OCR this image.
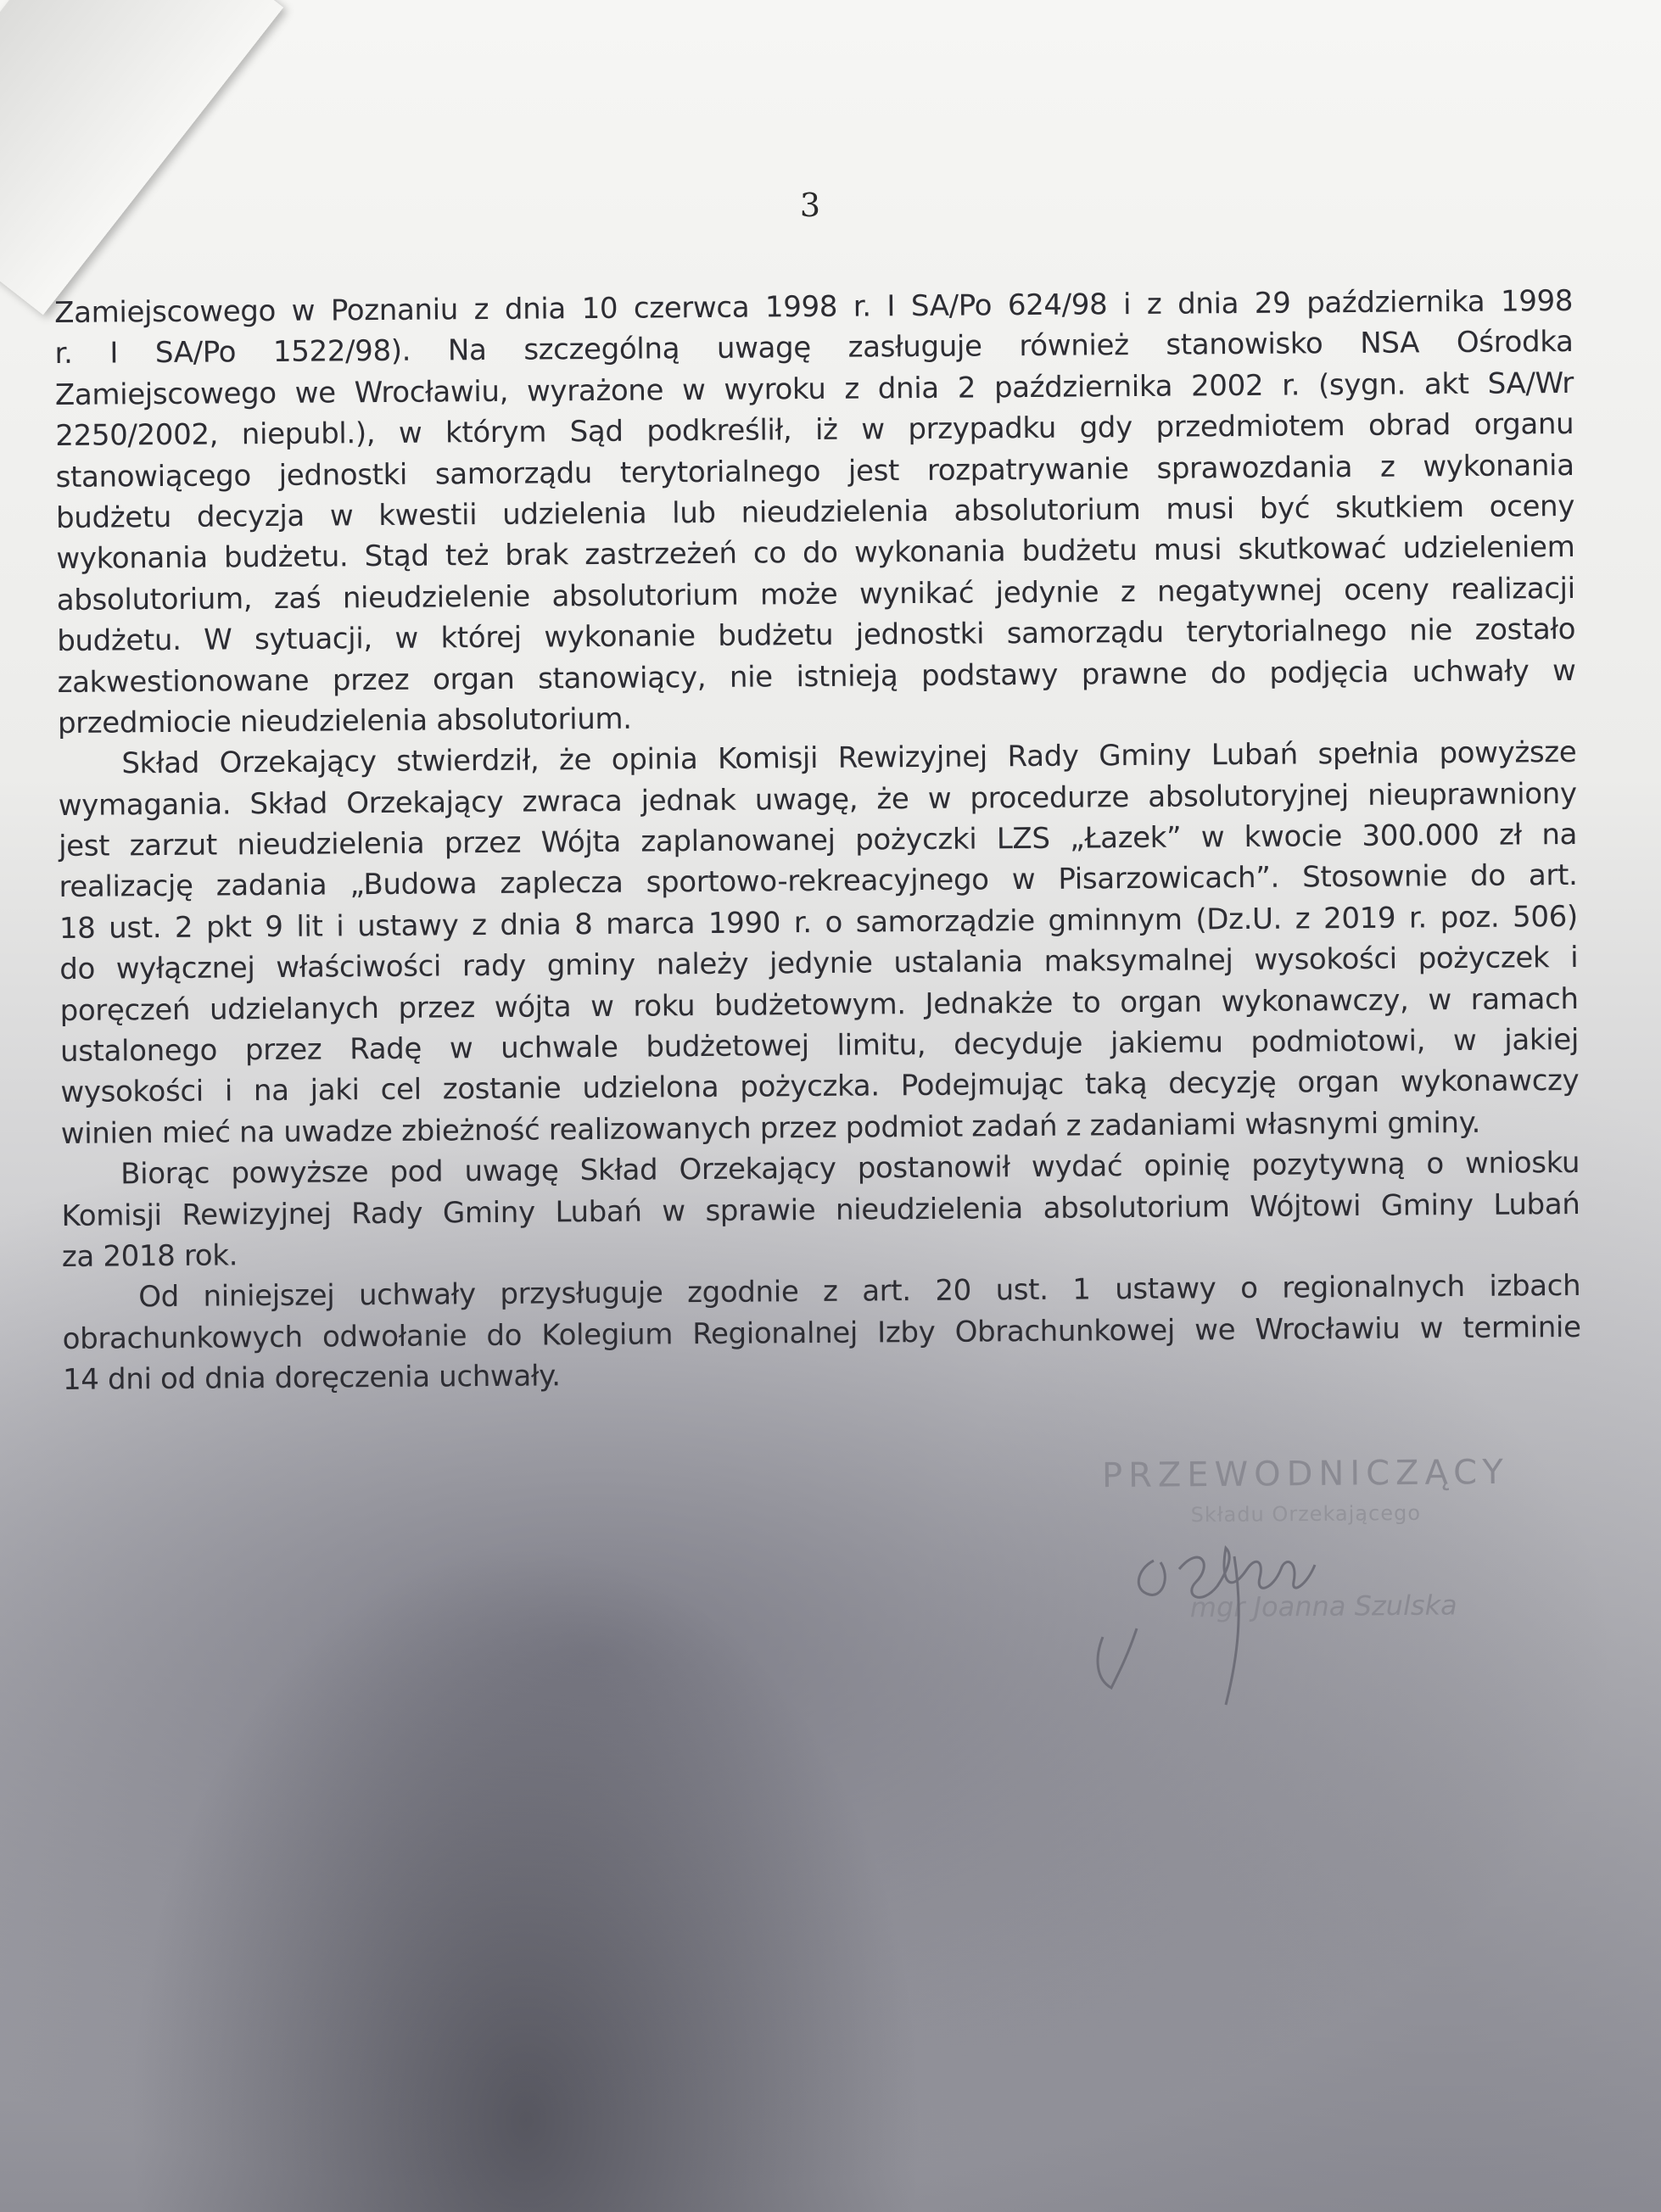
3
Zamiejscowego w Poznaniu z dnia 10 czerwca 1998 r. I SA/Po 624/98 i z dnia 29 października 1998
r. I SA/Po 1522/98). Na szczególną uwagę zasługuje również stanowisko NSA Ośrodka
Zamiejscowego we Wrocławiu, wyrażone w wyroku z dnia 2 października 2002 r. (sygn. akt SA/Wr
2250/2002, niepubl.), w którym Sąd podkreślił, iż w przypadku gdy przedmiotem obrad organu
stanowiącego jednostki samorządu terytorialnego jest rozpatrywanie sprawozdania z wykonania
budżetu decyzja w kwestii udzielenia lub nieudzielenia absolutorium musi być skutkiem oceny
wykonania budżetu. Stąd też brak zastrzeżeń co do wykonania budżetu musi skutkować udzieleniem
absolutorium, zaś nieudzielenie absolutorium może wynikać jedynie z negatywnej oceny realizacji
budżetu. W sytuacji, w której wykonanie budżetu jednostki samorządu terytorialnego nie zostało
zakwestionowane przez organ stanowiący, nie istnieją podstawy prawne do podjęcia uchwały w
przedmiocie nieudzielenia absolutorium.
Skład Orzekający stwierdził, że opinia Komisji Rewizyjnej Rady Gminy Lubań spełnia powyższe
wymagania. Skład Orzekający zwraca jednak uwagę, że w procedurze absolutoryjnej nieuprawniony
jest zarzut nieudzielenia przez Wójta zaplanowanej pożyczki LZS „Łazek” w kwocie 300.000 zł na
realizację zadania „Budowa zaplecza sportowo-rekreacyjnego w Pisarzowicach”. Stosownie do art.
18 ust. 2 pkt 9 lit i ustawy z dnia 8 marca 1990 r. o samorządzie gminnym (Dz.U. z 2019 r. poz. 506)
do wyłącznej właściwości rady gminy należy jedynie ustalania maksymalnej wysokości pożyczek i
poręczeń udzielanych przez wójta w roku budżetowym. Jednakże to organ wykonawczy, w ramach
ustalonego przez Radę w uchwale budżetowej limitu, decyduje jakiemu podmiotowi, w jakiej
wysokości i na jaki cel zostanie udzielona pożyczka. Podejmując taką decyzję organ wykonawczy
winien mieć na uwadze zbieżność realizowanych przez podmiot zadań z zadaniami własnymi gminy.
Biorąc powyższe pod uwagę Skład Orzekający postanowił wydać opinię pozytywną o wniosku
Komisji Rewizyjnej Rady Gminy Lubań w sprawie nieudzielenia absolutorium Wójtowi Gminy Lubań
za 2018 rok.
Od niniejszej uchwały przysługuje zgodnie z art. 20 ust. 1 ustawy o regionalnych izbach
obrachunkowych odwołanie do Kolegium Regionalnej Izby Obrachunkowej we Wrocławiu w terminie
14 dni od dnia doręczenia uchwały.
PRZEWODNICZĄCY
Składu Orzekającego
mgr Joanna Szulska
